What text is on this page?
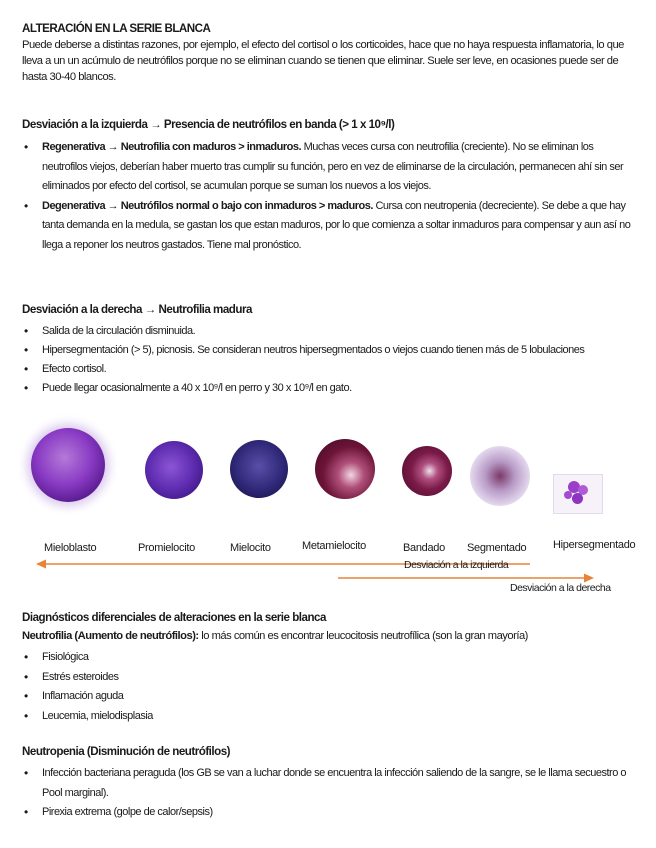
ALTERACIÓN EN LA SERIE BLANCA
Puede deberse a distintas razones, por ejemplo, el efecto del cortisol o los corticoides, hace que no haya respuesta inflamatoria, lo que lleva a un un acúmulo de neutrófilos porque no se eliminan cuando se tienen que eliminar. Suele ser leve, en ocasiones puede ser de hasta 30-40 blancos.
Desviación a la izquierda → Presencia de neutrófilos en banda (> 1 x 10⁹/l)
• Regenerativa → Neutrofilia con maduros > inmaduros. Muchas veces cursa con neutrofilia (creciente). No se eliminan los neutrofilos viejos, deberían haber muerto tras cumplir su función, pero en vez de eliminarse de la circulación, permanecen ahí sin ser eliminados por efecto del cortisol, se acumulan porque se suman los nuevos a los viejos.
• Degenerativa → Neutrófilos normal o bajo con inmaduros > maduros. Cursa con neutropenia (decreciente). Se debe a que hay tanta demanda en la medula, se gastan los que estan maduros, por lo que comienza a soltar inmaduros para compensar y aun así no llega a reponer los neutros gastados. Tiene mal pronóstico.
Desviación a la derecha → Neutrofilia madura
• Salida de la circulación disminuida.
• Hipersegmentación (> 5), picnosis. Se consideran neutros hipersegmentados o viejos cuando tienen más de 5 lobulaciones
• Efecto cortisol.
• Puede llegar ocasionalmente a 40 x 10⁹/l en perro y 30 x 10⁹/l en gato.
Mieloblasto	Promielocito	Mielocito	Metamielocito	Bandado Segmentado Hipersegmentado
Desviación a la izquierda
Desviación a la derecha
Diagnósticos diferenciales de alteraciones en la serie blanca
Neutrofilia (Aumento de neutrófilos): lo más común es encontrar leucocitosis neutrofílica (son la gran mayoría)
• Fisiológica
• Estrés esteroides
• Inflamación aguda
• Leucemia, mielodisplasia
Neutropenia (Disminución de neutrófilos)
• Infección bacteriana peraguda (los GB se van a luchar donde se encuentra la infección saliendo de la sangre, se le llama secuestro o Pool marginal).
• Pirexia extrema (golpe de calor/sepsis)
